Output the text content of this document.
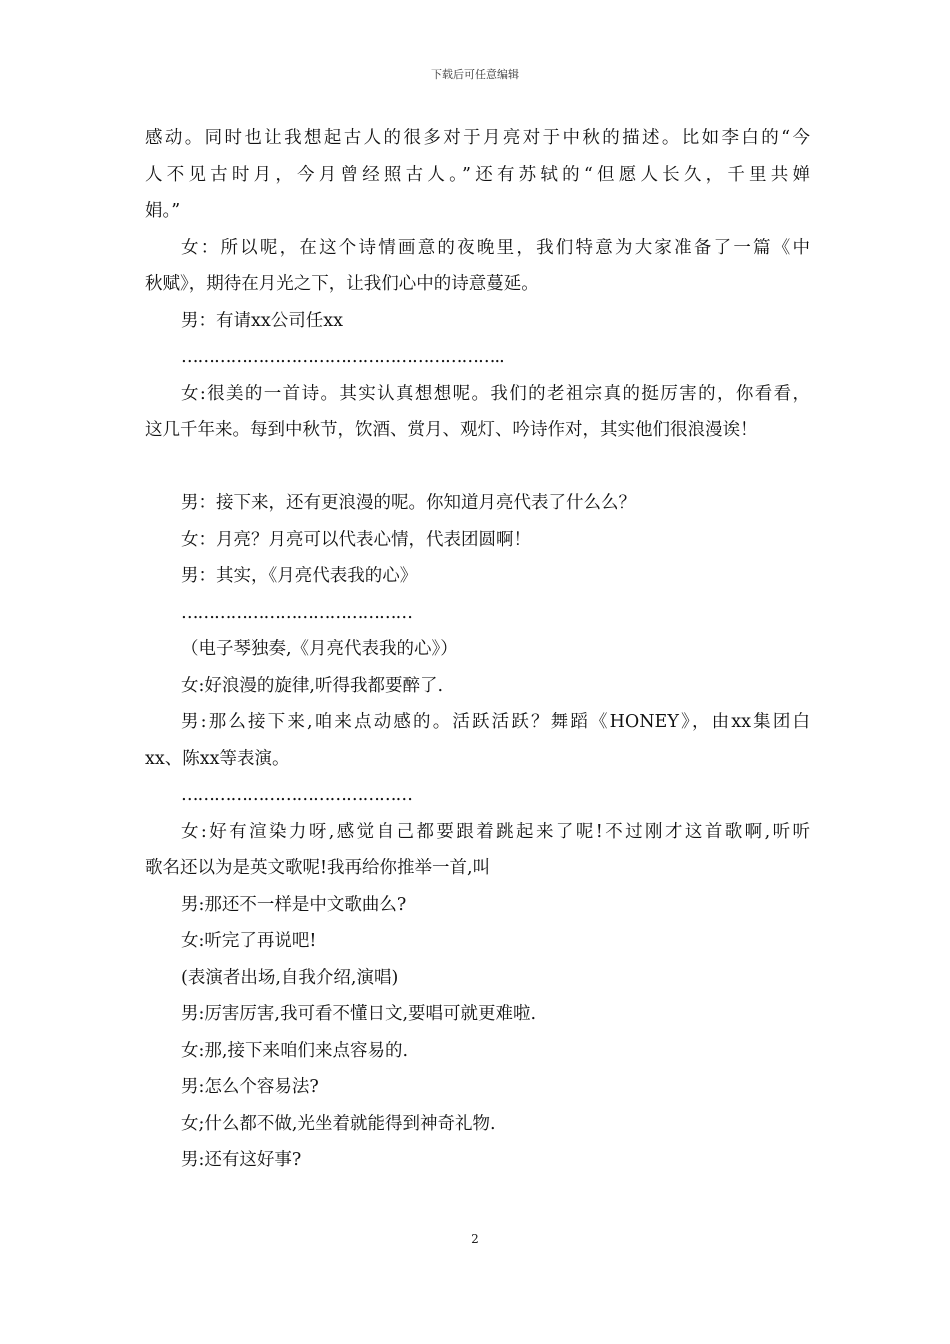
下载后可任意编辑
感动。同时也让我想起古人的很多对于月亮对于中秋的描述。比如李白的“今
人不见古时月，今月曾经照古人。”还有苏轼的“但愿人长久，千里共婵
娟。”
女：所以呢，在这个诗情画意的夜晚里，我们特意为大家准备了一篇《中
秋赋》，期待在月光之下，让我们心中的诗意蔓延。
男：有请xx公司任xx
…………………………………………………..
女:很美的一首诗。其实认真想想呢。我们的老祖宗真的挺厉害的，你看看，
这几千年来。每到中秋节，饮酒、赏月、观灯、吟诗作对，其实他们很浪漫诶！
男：接下来，还有更浪漫的呢。你知道月亮代表了什么么？
女：月亮？月亮可以代表心情，代表团圆啊！
男：其实，《月亮代表我的心》
……………………………………
（电子琴独奏,《月亮代表我的心》）
女:好浪漫的旋律,听得我都要醉了.
男:那么接下来,咱来点动感的。活跃活跃？舞蹈《HONEY》，由xx集团白
xx、陈xx等表演。
……………………………………
女:好有渲染力呀,感觉自己都要跟着跳起来了呢!不过刚才这首歌啊,听听
歌名还以为是英文歌呢!我再给你推举一首,叫
男:那还不一样是中文歌曲么?
女:听完了再说吧!
(表演者出场,自我介绍,演唱)
男:厉害厉害,我可看不懂日文,要唱可就更难啦.
女:那,接下来咱们来点容易的.
男:怎么个容易法?
女;什么都不做,光坐着就能得到神奇礼物.
男:还有这好事?
2
